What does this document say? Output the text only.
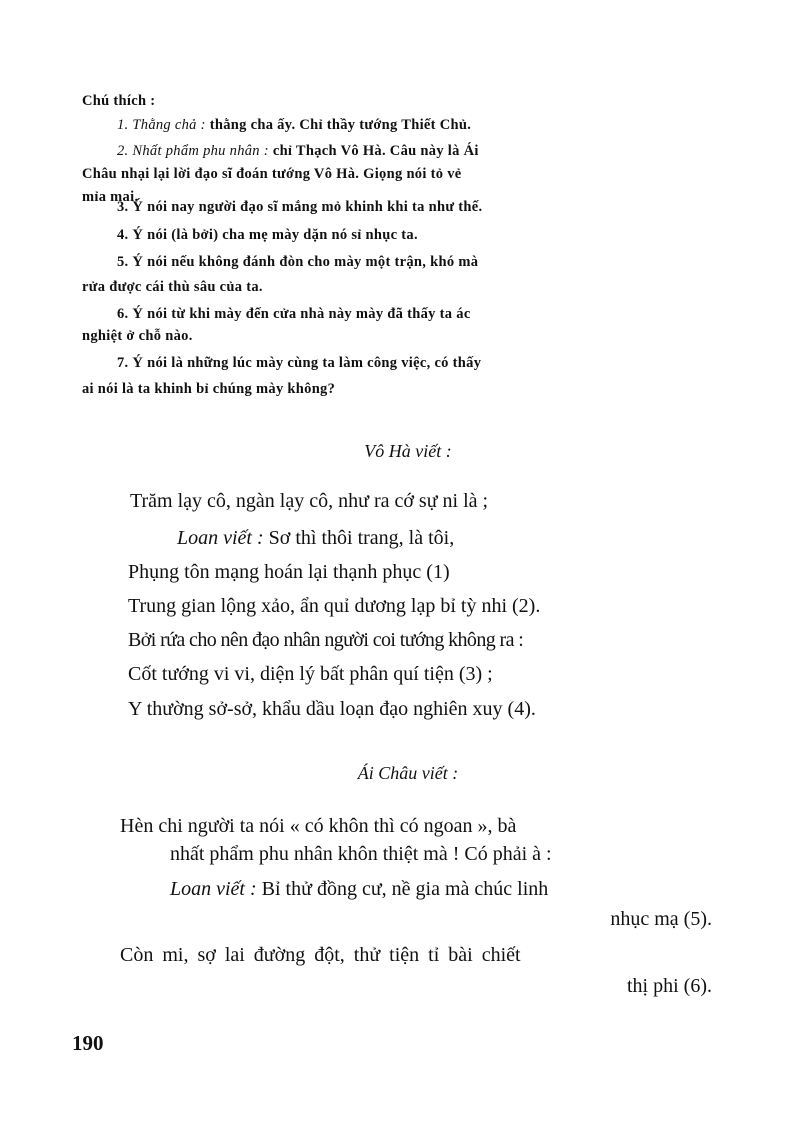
Chú thích :
1. Thằng chả : thằng cha ấy. Chỉ thầy tướng Thiết Chủ.
2. Nhất phẩm phu nhân : chỉ Thạch Vô Hà. Câu này là Ái
Châu nhại lại lời đạo sĩ đoán tướng Vô Hà. Giọng nói tỏ vẻ
mỉa mai.
3. Ý nói nay người đạo sĩ mắng mỏ khinh khi ta như thế.
4. Ý nói (là bởi) cha mẹ mày dặn nó sỉ nhục ta.
5. Ý nói nếu không đánh đòn cho mày một trận, khó mà
rửa được cái thù sâu của ta.
6. Ý nói từ khi mày đến cửa nhà này mày đã thấy ta ác
nghiệt ở chỗ nào.
7. Ý nói là những lúc mày cùng ta làm công việc, có thấy
ai nói là ta khinh bỉ chúng mày không?
Vô Hà viết :
Trăm lạy cô, ngàn lạy cô, như ra cớ sự ni là ;
Loan viết : Sơ thì thôi trang, là tôi,
Phụng tôn mạng hoán lại thạnh phục (1)
Trung gian lộng xảo, ẩn quỉ dương lạp bỉ tỳ nhi (2).
Bởi rứa cho nên đạo nhân người coi tướng không ra :
Cốt tướng vi vi, diện lý bất phân quí tiện (3) ;
Y thường sở-sở, khẩu dầu loạn đạo nghiên xuy (4).
Ái Châu viết :
Hèn chi người ta nói « có khôn thì có ngoan », bà
nhất phẩm phu nhân khôn thiệt mà ! Có phải à :
Loan viết : Bỉ thử đồng cư, nề gia mà chúc linh
nhục mạ (5).
Còn mi, sợ lai đường đột, thử tiện tỉ bài chiết
thị phi (6).
190
